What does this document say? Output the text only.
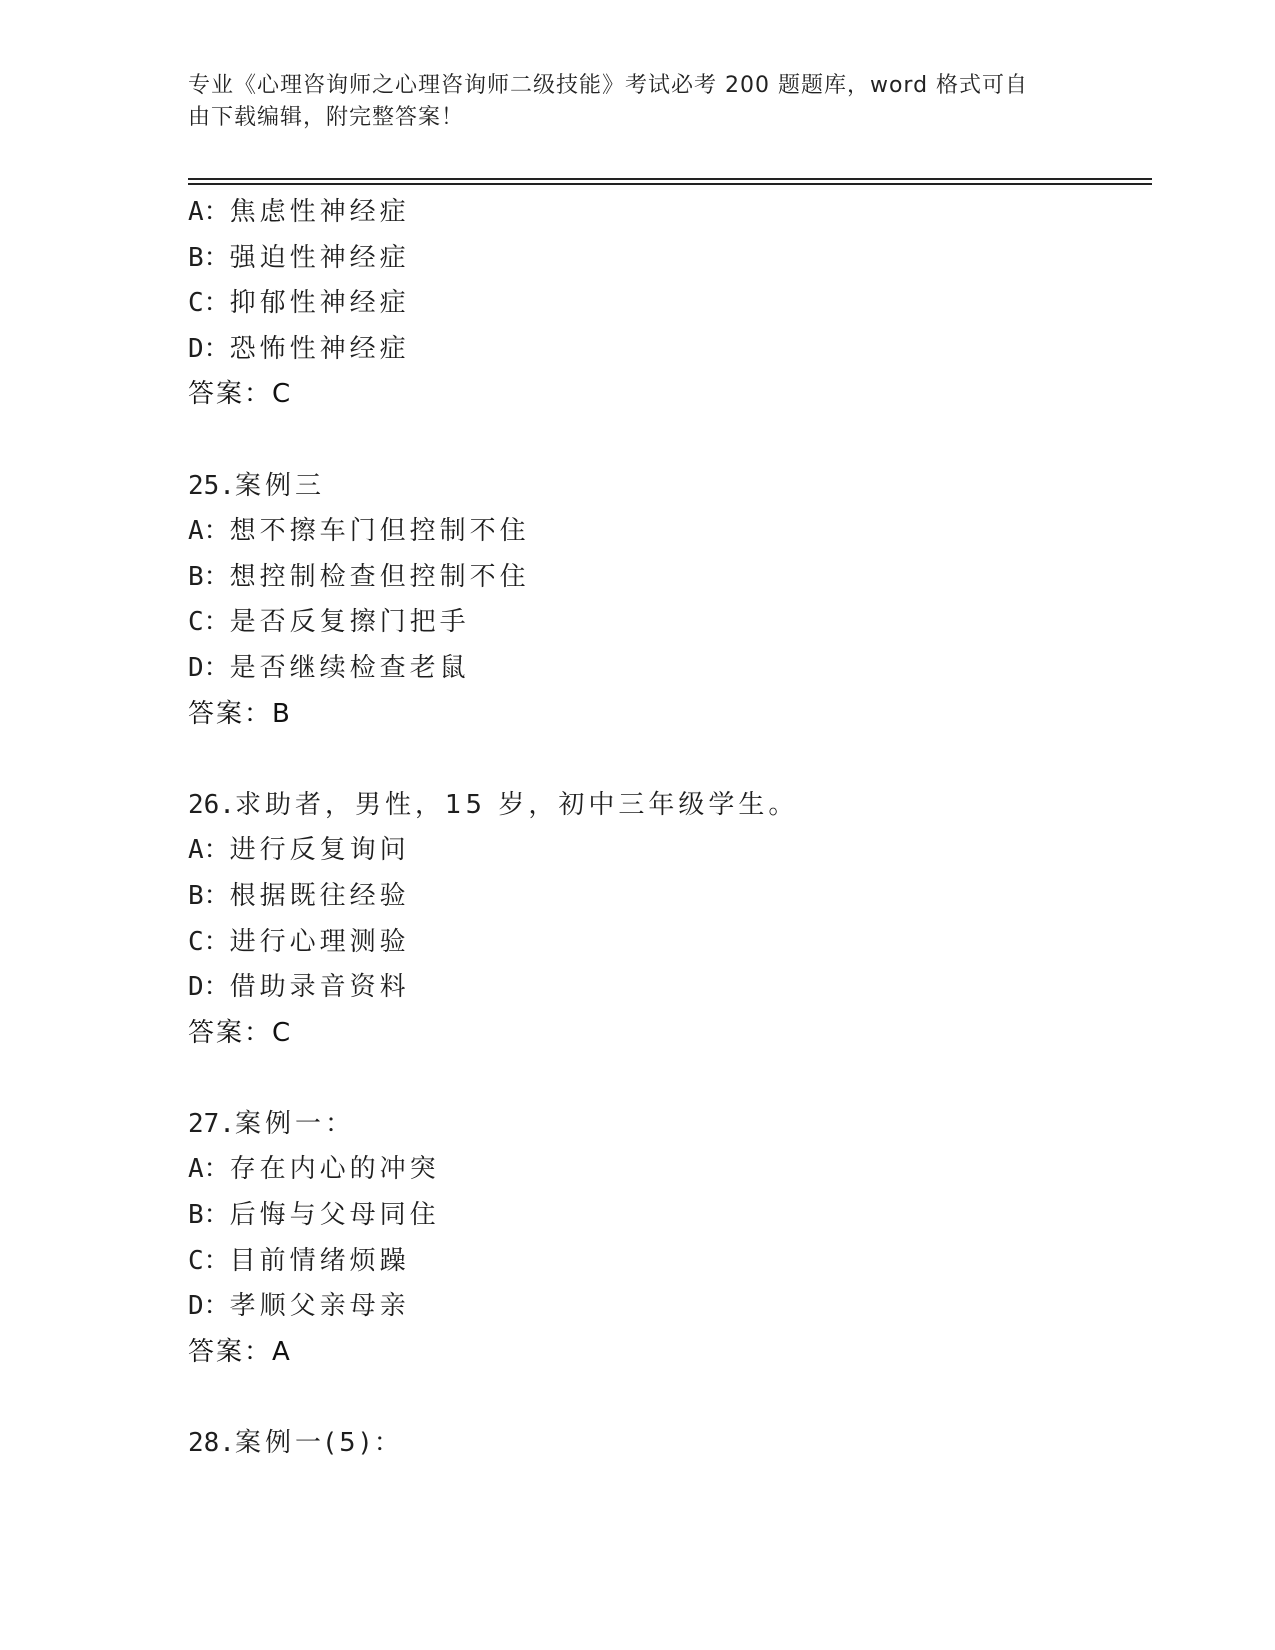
专业《心理咨询师之心理咨询师二级技能》考试必考 200 题题库，word 格式可自
由下载编辑，附完整答案！
A：焦虑性神经症
B：强迫性神经症
C：抑郁性神经症
D：恐怖性神经症
答案：C
25.案例三
A：想不擦车门但控制不住
B：想控制检查但控制不住
C：是否反复擦门把手
D：是否继续检查老鼠
答案：B
26.求助者，男性，15 岁，初中三年级学生。
A：进行反复询问
B：根据既往经验
C：进行心理测验
D：借助录音资料
答案：C
27.案例一：
A：存在内心的冲突
B：后悔与父母同住
C：目前情绪烦躁
D：孝顺父亲母亲
答案：A
28.案例一(5)：
